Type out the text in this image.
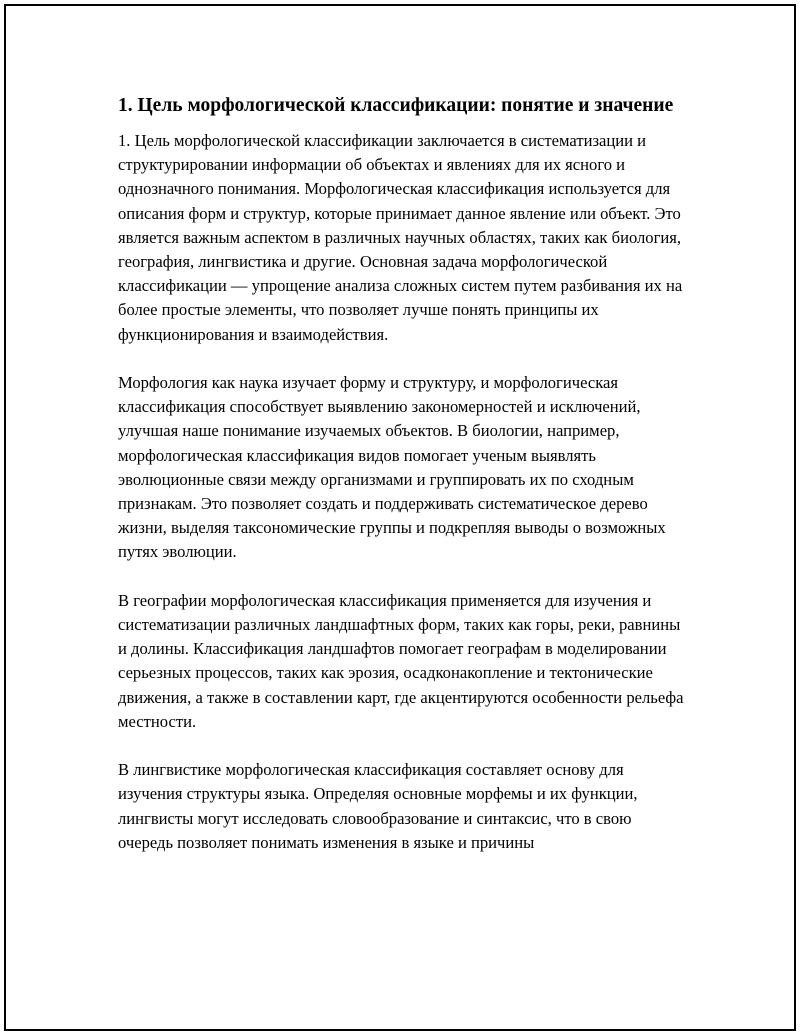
1. Цель морфологической классификации: понятие и значение

1. Цель морфологической классификации заключается в систематизации и структурировании информации об объектах и явлениях для их ясного и однозначного понимания. Морфологическая классификация используется для описания форм и структур, которые принимает данное явление или объект. Это является важным аспектом в различных научных областях, таких как биология, география, лингвистика и другие. Основная задача морфологической классификации — упрощение анализа сложных систем путем разбивания их на более простые элементы, что позволяет лучше понять принципы их функционирования и взаимодействия.

Морфология как наука изучает форму и структуру, и морфологическая классификация способствует выявлению закономерностей и исключений, улучшая наше понимание изучаемых объектов. В биологии, например, морфологическая классификация видов помогает ученым выявлять эволюционные связи между организмами и группировать их по сходным признакам. Это позволяет создать и поддерживать систематическое дерево жизни, выделяя таксономические группы и подкрепляя выводы о возможных путях эволюции.

В географии морфологическая классификация применяется для изучения и систематизации различных ландшафтных форм, таких как горы, реки, равнины и долины. Классификация ландшафтов помогает географам в моделировании серьезных процессов, таких как эрозия, осадконакопление и тектонические движения, а также в составлении карт, где акцентируются особенности рельефа местности.

В лингвистике морфологическая классификация составляет основу для изучения структуры языка. Определяя основные морфемы и их функции, лингвисты могут исследовать словообразование и синтаксис, что в свою очередь позволяет понимать изменения в языке и причины
